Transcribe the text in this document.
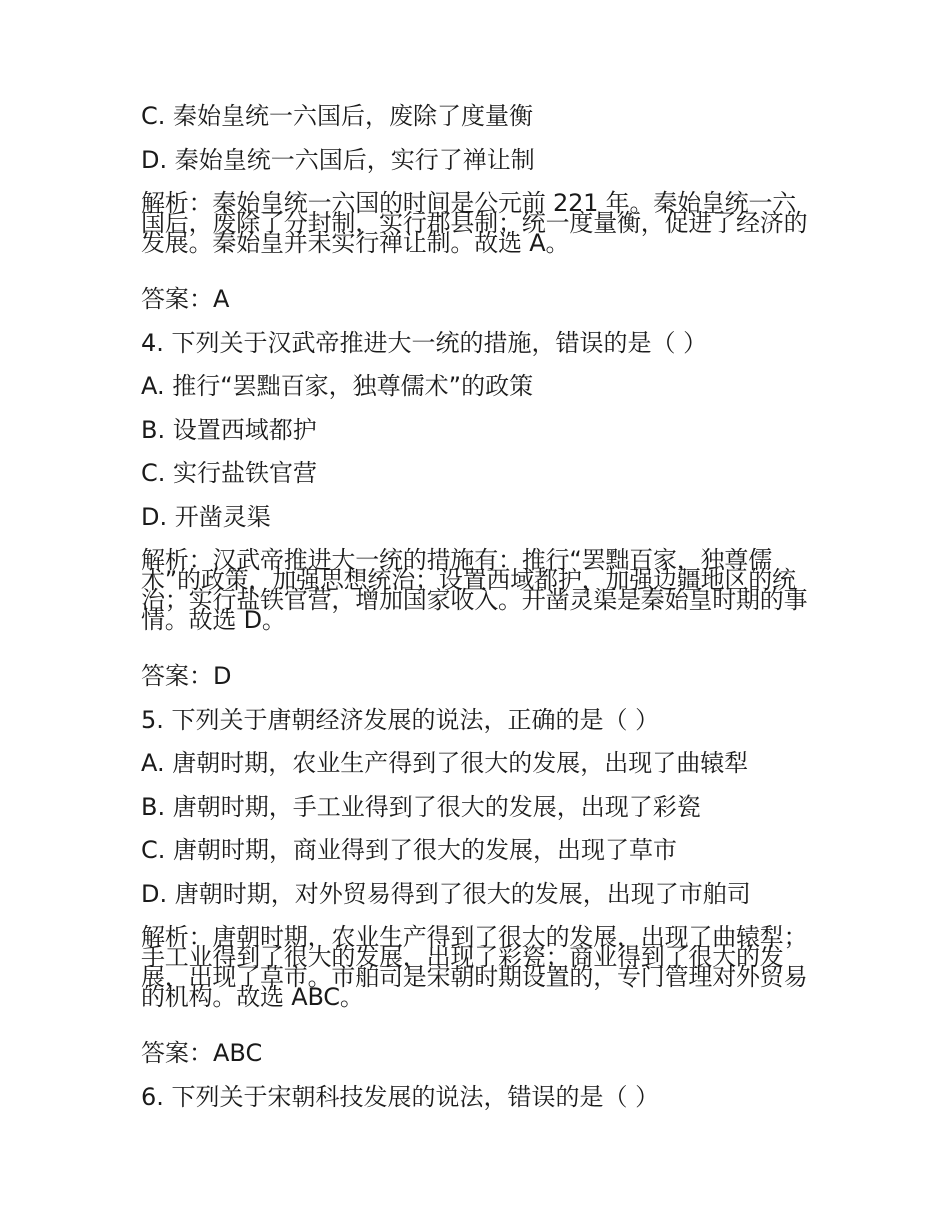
C. 秦始皇统一六国后，废除了度量衡
D. 秦始皇统一六国后，实行了禅让制
解析：秦始皇统一六国的时间是公元前 221 年。秦始皇统一六国后，废除了分封制，实行郡县制；统一度量衡，促进了经济的发展。秦始皇并未实行禅让制。故选 A。
答案：A
4. 下列关于汉武帝推进大一统的措施，错误的是（ ）
A. 推行“罢黜百家，独尊儒术”的政策
B. 设置西域都护
C. 实行盐铁官营
D. 开凿灵渠
解析：汉武帝推进大一统的措施有：推行“罢黜百家，独尊儒术”的政策，加强思想统治；设置西域都护，加强边疆地区的统治；实行盐铁官营，增加国家收入。开凿灵渠是秦始皇时期的事情。故选 D。
答案：D
5. 下列关于唐朝经济发展的说法，正确的是（ ）
A. 唐朝时期，农业生产得到了很大的发展，出现了曲辕犁
B. 唐朝时期，手工业得到了很大的发展，出现了彩瓷
C. 唐朝时期，商业得到了很大的发展，出现了草市
D. 唐朝时期，对外贸易得到了很大的发展，出现了市舶司
解析：唐朝时期，农业生产得到了很大的发展，出现了曲辕犁；手工业得到了很大的发展，出现了彩瓷；商业得到了很大的发展，出现了草市。市舶司是宋朝时期设置的，专门管理对外贸易的机构。故选 ABC。
答案：ABC
6. 下列关于宋朝科技发展的说法，错误的是（ ）
